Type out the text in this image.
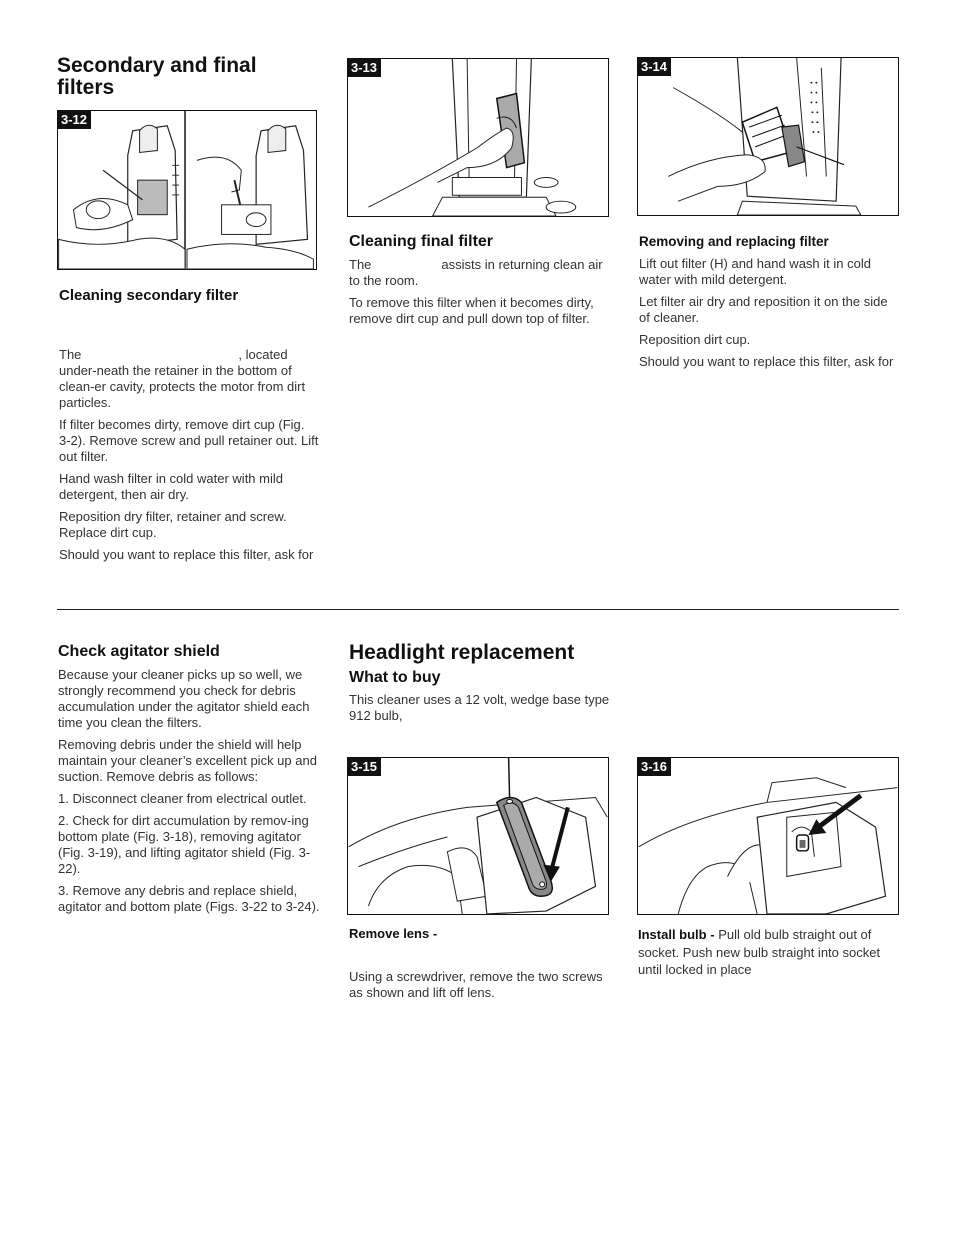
Secondary and final filters
3-12
Cleaning secondary filter

The	, located under-neath the retainer in the bottom of clean-er cavity, protects the motor from dirt particles.

If filter becomes dirty, remove dirt cup (Fig. 3-2). Remove screw and pull retainer out. Lift out filter.

Hand wash filter in cold water with mild detergent, then air dry.

Reposition dry filter, retainer and screw. Replace dirt cup.

Should you want to replace this filter, ask for

3-13
Cleaning final filter

The	assists in returning clean air to the room.

To remove this filter when it becomes dirty, remove dirt cup and pull down top of filter.

3-14
Removing and replacing filter

Lift out filter (H) and hand wash it in cold water with mild detergent.

Let filter air dry and reposition it on the side of cleaner.

Reposition dirt cup.

Should you want to replace this filter, ask for

Check agitator shield

Because your cleaner picks up so well, we strongly recommend you check for debris accumulation under the agitator shield each time you clean the filters.

Removing debris under the shield will help maintain your cleaner’s excellent pick up and suction. Remove debris as follows:

1. Disconnect cleaner from electrical outlet.

2. Check for dirt accumulation by remov-ing bottom plate (Fig. 3-18), removing agitator (Fig. 3-19), and lifting agitator shield (Fig. 3-22).

3. Remove any debris and replace shield, agitator and bottom plate (Figs. 3-22 to 3-24).

Headlight replacement
What to buy

This cleaner uses a 12 volt, wedge base type 912 bulb,

3-15
Remove lens -

Using a screwdriver, remove the two screws as shown and lift off lens.

3-16

Install bulb - Pull old bulb straight out of socket. Push new bulb straight into socket until locked in place
